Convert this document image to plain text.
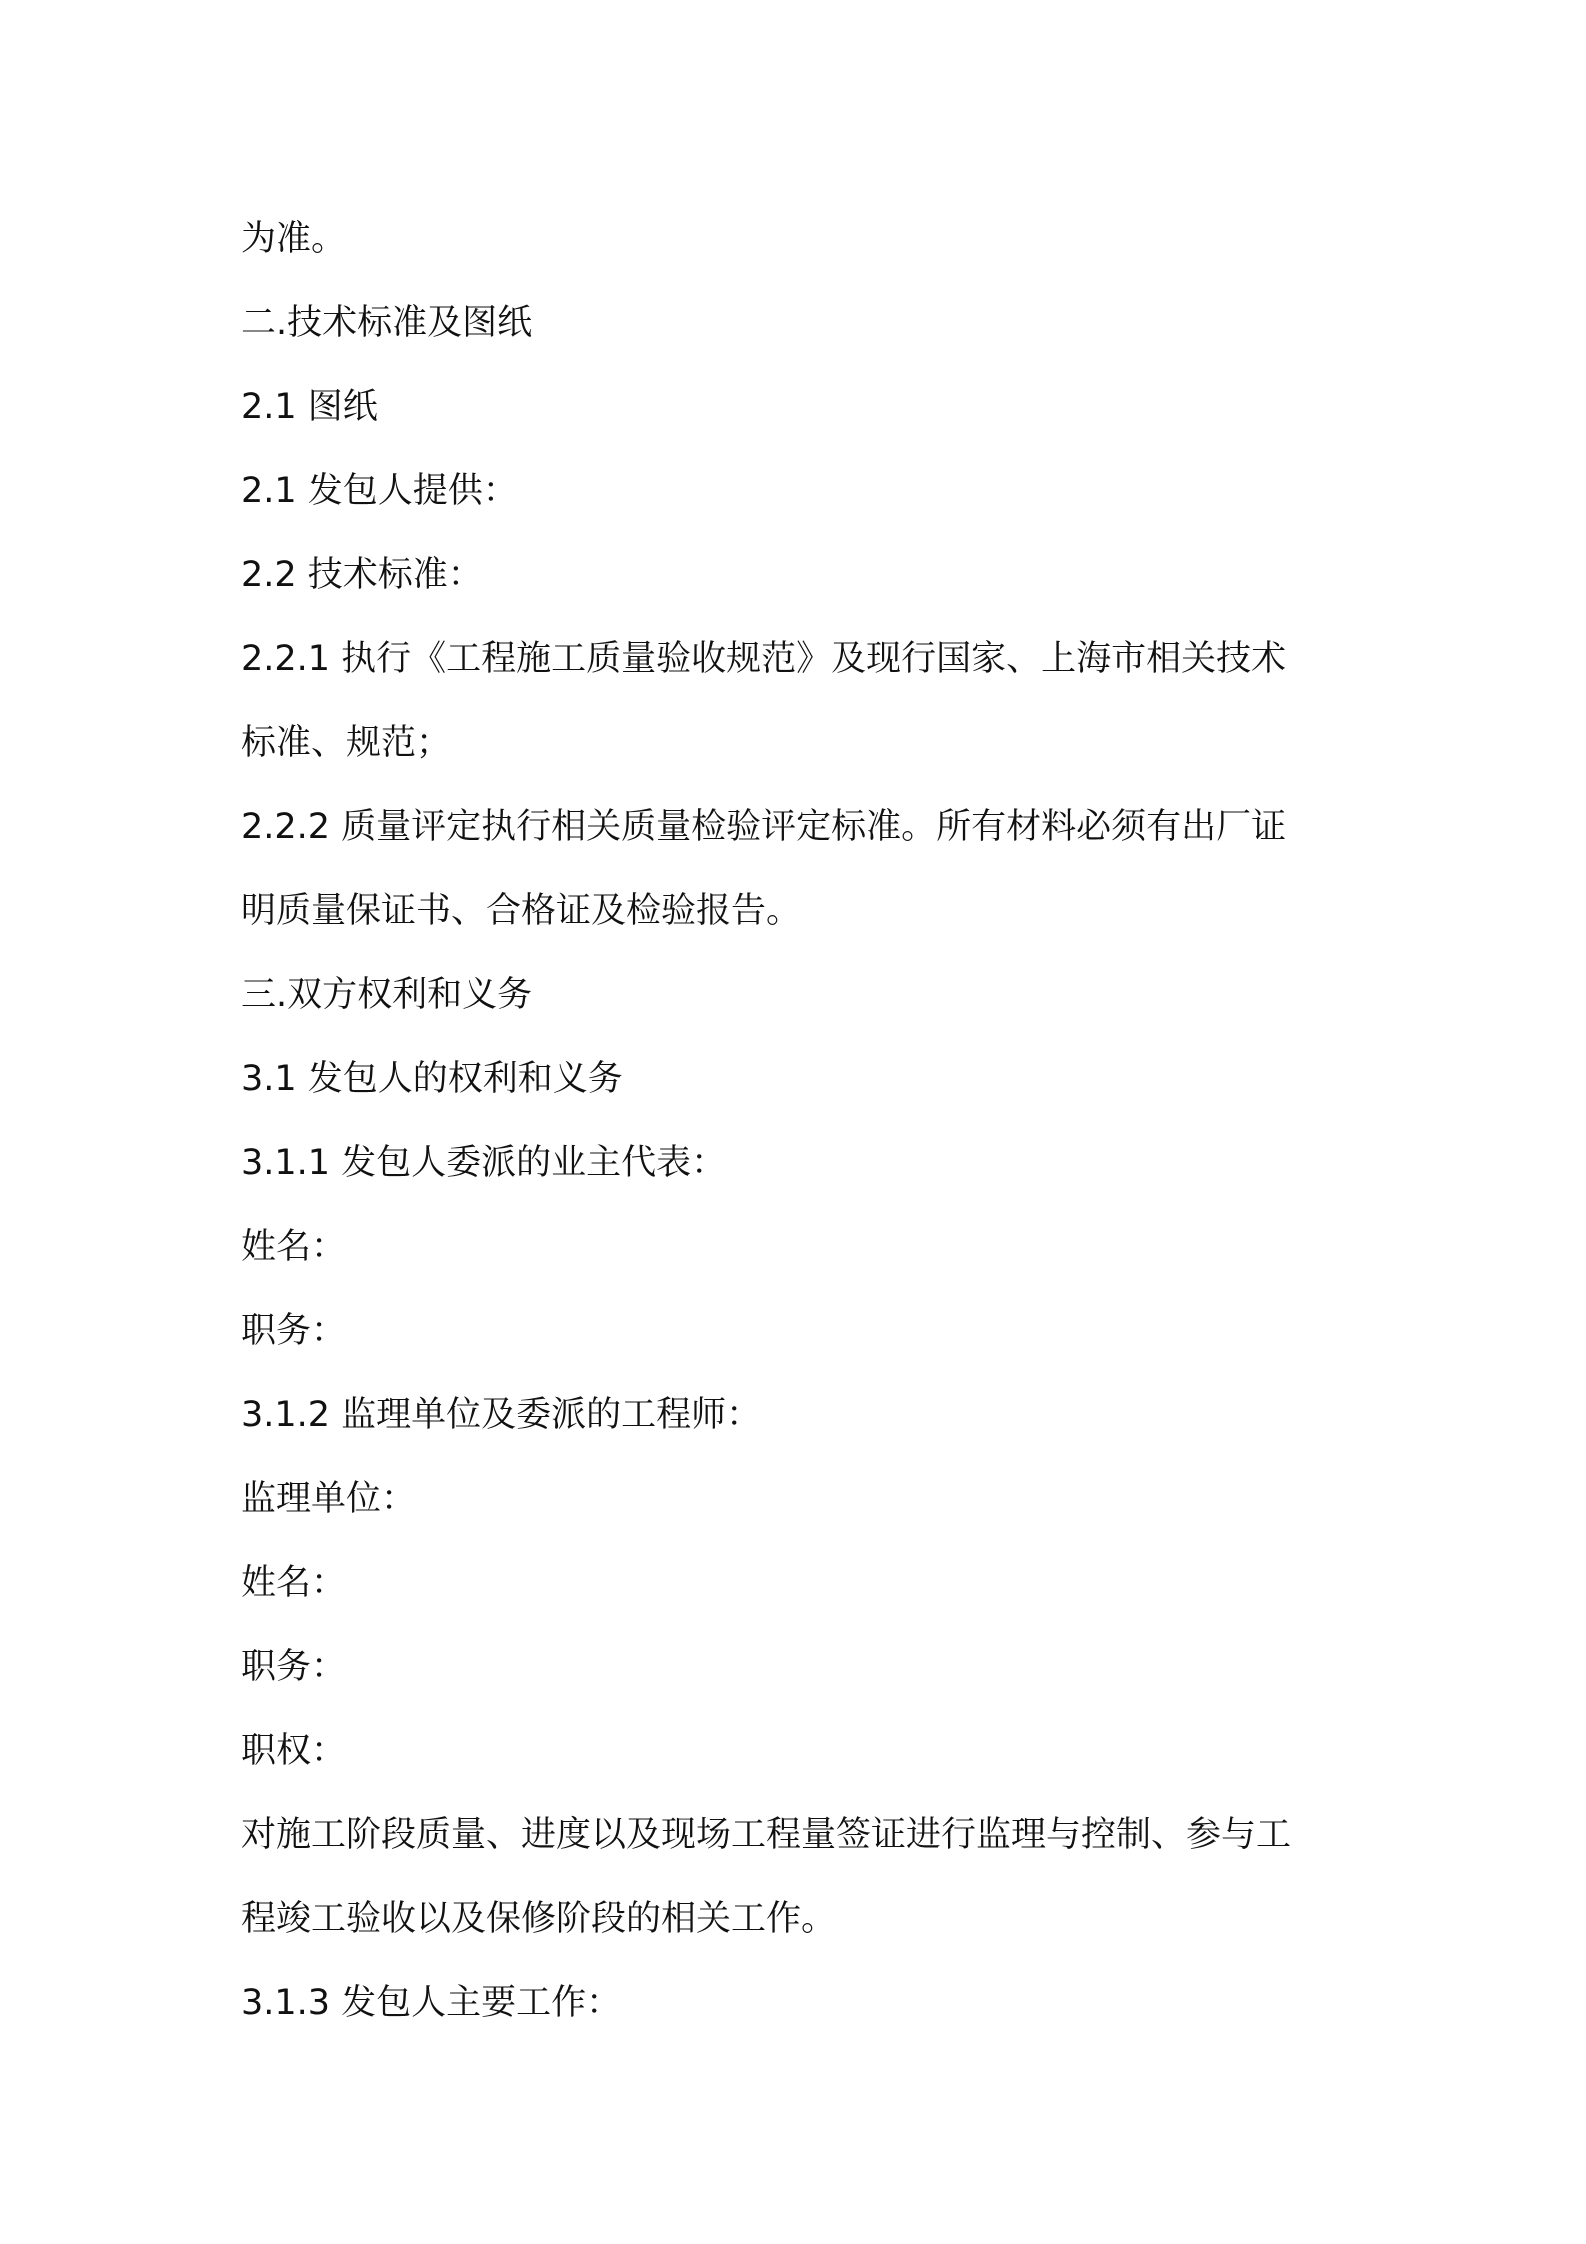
为准。
二.技术标准及图纸
2.1 图纸
2.1 发包人提供：
2.2 技术标准：
2.2.1 执行《工程施工质量验收规范》及现行国家、上海市相关技术
标准、规范；
2.2.2 质量评定执行相关质量检验评定标准。所有材料必须有出厂证
明质量保证书、合格证及检验报告。
三.双方权利和义务
3.1 发包人的权利和义务
3.1.1 发包人委派的业主代表：
姓名：
职务：
3.1.2 监理单位及委派的工程师：
监理单位：
姓名：
职务：
职权：
对施工阶段质量、进度以及现场工程量签证进行监理与控制、参与工
程竣工验收以及保修阶段的相关工作。
3.1.3 发包人主要工作：
